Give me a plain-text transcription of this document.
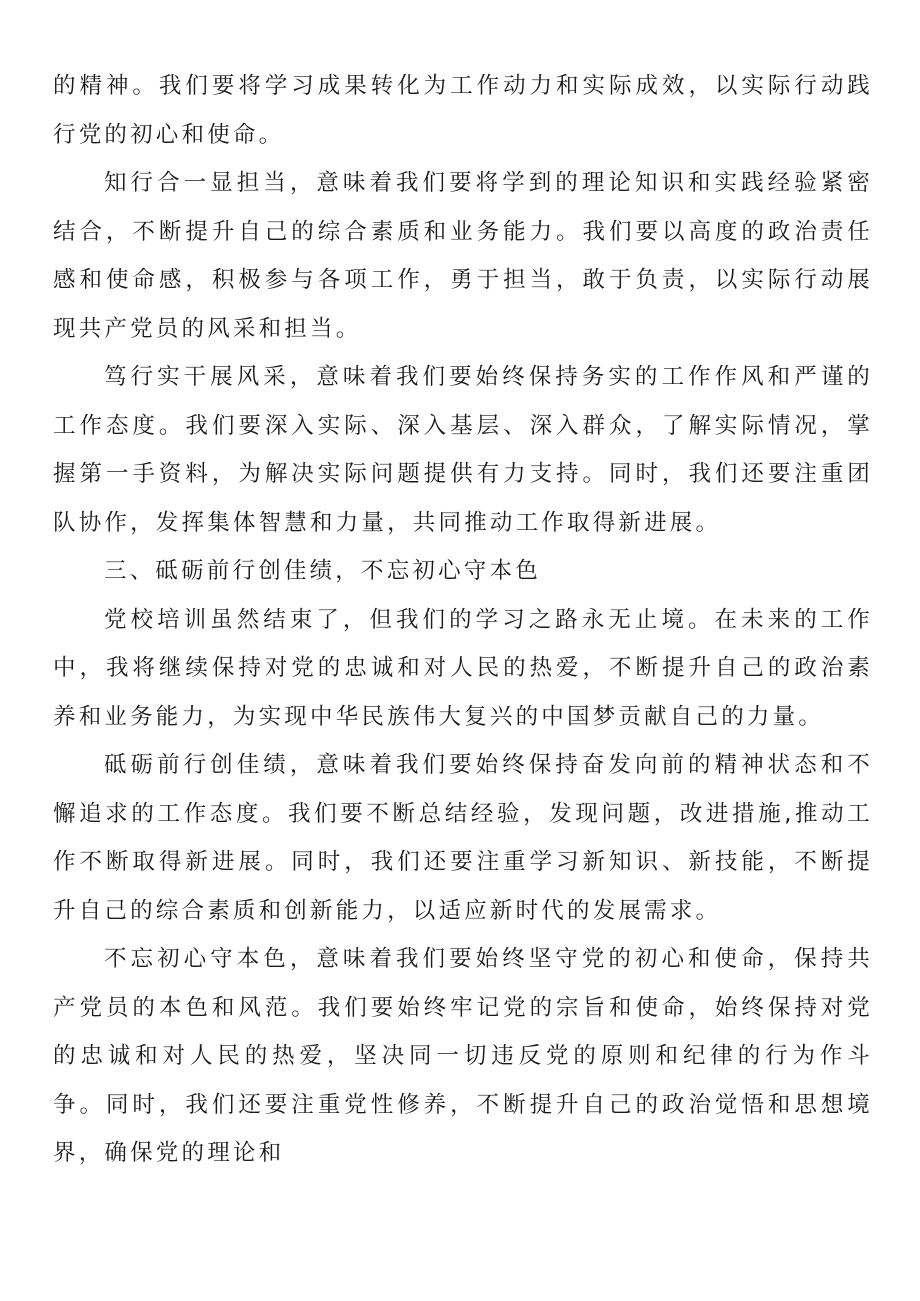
的精神。我们要将学习成果转化为工作动力和实际成效，以实际行动践行党的初心和使命。

知行合一显担当，意味着我们要将学到的理论知识和实践经验紧密结合，不断提升自己的综合素质和业务能力。我们要以高度的政治责任感和使命感，积极参与各项工作，勇于担当，敢于负责，以实际行动展现共产党员的风采和担当。

笃行实干展风采，意味着我们要始终保持务实的工作作风和严谨的工作态度。我们要深入实际、深入基层、深入群众，了解实际情况，掌握第一手资料，为解决实际问题提供有力支持。同时，我们还要注重团队协作，发挥集体智慧和力量，共同推动工作取得新进展。

三、砥砺前行创佳绩，不忘初心守本色

党校培训虽然结束了，但我们的学习之路永无止境。在未来的工作中，我将继续保持对党的忠诚和对人民的热爱，不断提升自己的政治素养和业务能力，为实现中华民族伟大复兴的中国梦贡献自己的力量。

砥砺前行创佳绩，意味着我们要始终保持奋发向前的精神状态和不懈追求的工作态度。我们要不断总结经验，发现问题，改进措施,推动工作不断取得新进展。同时，我们还要注重学习新知识、新技能，不断提升自己的综合素质和创新能力，以适应新时代的发展需求。

不忘初心守本色，意味着我们要始终坚守党的初心和使命，保持共产党员的本色和风范。我们要始终牢记党的宗旨和使命，始终保持对党的忠诚和对人民的热爱，坚决同一切违反党的原则和纪律的行为作斗争。同时，我们还要注重党性修养，不断提升自己的政治觉悟和思想境界，确保党的理论和
